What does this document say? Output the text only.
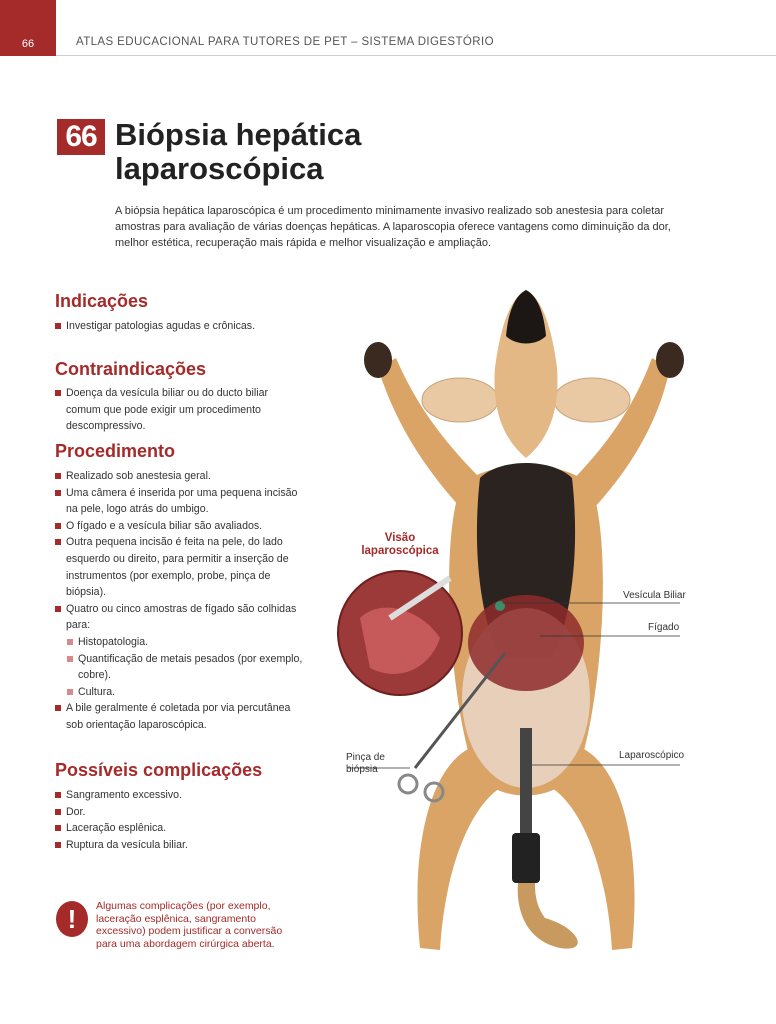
66	ATLAS EDUCACIONAL PARA TUTORES DE PET – SISTEMA DIGESTÓRIO
66 Biópsia hepática
laparoscópica

A biópsia hepática laparoscópica é um procedimento minimamente invasivo realizado sob anestesia para coletar amostras para avaliação de várias doenças hepáticas. A laparoscopia oferece vantagens como diminuição da dor, melhor estética, recuperação mais rápida e melhor visualização e ampliação.

Indicações
Investigar patologias agudas e crônicas.
Contraindicações
Doença da vesícula biliar ou do ducto biliar comum que pode exigir um procedimento descompressivo.
Procedimento
Realizado sob anestesia geral.
Uma câmera é inserida por uma pequena incisão na pele, logo atrás do umbigo.
O fígado e a vesícula biliar são avaliados.
Outra pequena incisão é feita na pele, do lado esquerdo ou direito, para permitir a inserção de instrumentos (por exemplo, probe, pinça de biópsia).
Quatro ou cinco amostras de fígado são colhidas para:
Histopatologia.
Quantificação de metais pesados (por exemplo, cobre).
Cultura.
A bile geralmente é coletada por via percutânea sob orientação laparoscópica.
Possíveis complicações
Sangramento excessivo.
Dor.
Laceração esplênica.
Ruptura da vesícula biliar.
!	Algumas complicações (por exemplo, laceração esplênica, sangramento excessivo) podem justificar a conversão para uma abordagem cirúrgica aberta.

Visão laparoscópica
Vesícula Biliar
Fígado
Laparoscópico
Pinça de
biópsia
